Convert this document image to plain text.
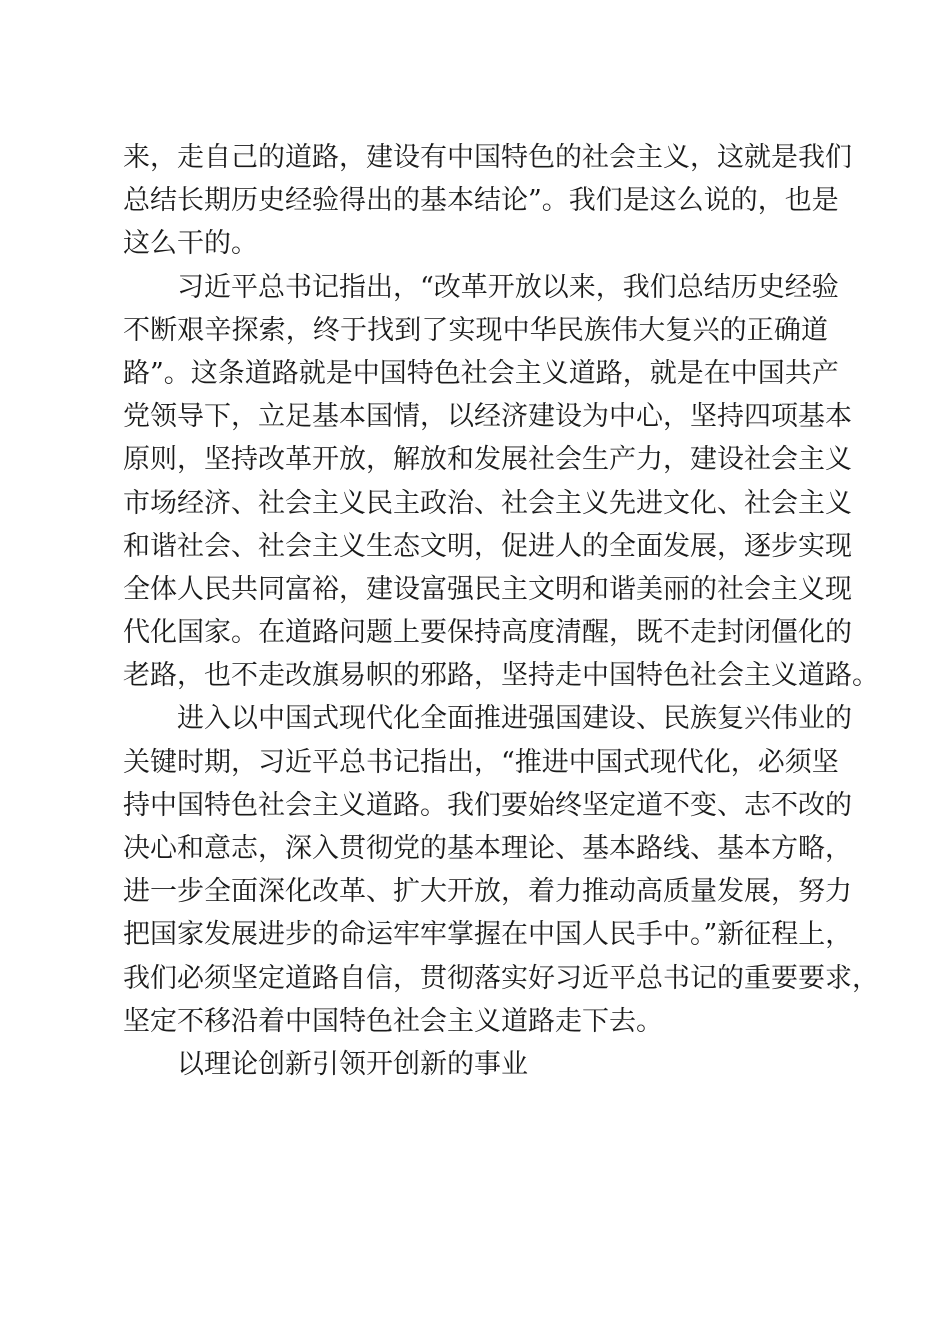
来，走自己的道路，建设有中国特色的社会主义，这就是我们
总结长期历史经验得出的基本结论”。我们是这么说的，也是
这么干的。
习近平总书记指出，“改革开放以来，我们总结历史经验
不断艰辛探索，终于找到了实现中华民族伟大复兴的正确道
路”。这条道路就是中国特色社会主义道路，就是在中国共产
党领导下，立足基本国情，以经济建设为中心，坚持四项基本
原则，坚持改革开放，解放和发展社会生产力，建设社会主义
市场经济、社会主义民主政治、社会主义先进文化、社会主义
和谐社会、社会主义生态文明，促进人的全面发展，逐步实现
全体人民共同富裕，建设富强民主文明和谐美丽的社会主义现
代化国家。在道路问题上要保持高度清醒，既不走封闭僵化的
老路，也不走改旗易帜的邪路，坚持走中国特色社会主义道路。
进入以中国式现代化全面推进强国建设、民族复兴伟业的
关键时期，习近平总书记指出，“推进中国式现代化，必须坚
持中国特色社会主义道路。我们要始终坚定道不变、志不改的
决心和意志，深入贯彻党的基本理论、基本路线、基本方略，
进一步全面深化改革、扩大开放，着力推动高质量发展，努力
把国家发展进步的命运牢牢掌握在中国人民手中。”新征程上，
我们必须坚定道路自信，贯彻落实好习近平总书记的重要要求，
坚定不移沿着中国特色社会主义道路走下去。
以理论创新引领开创新的事业
